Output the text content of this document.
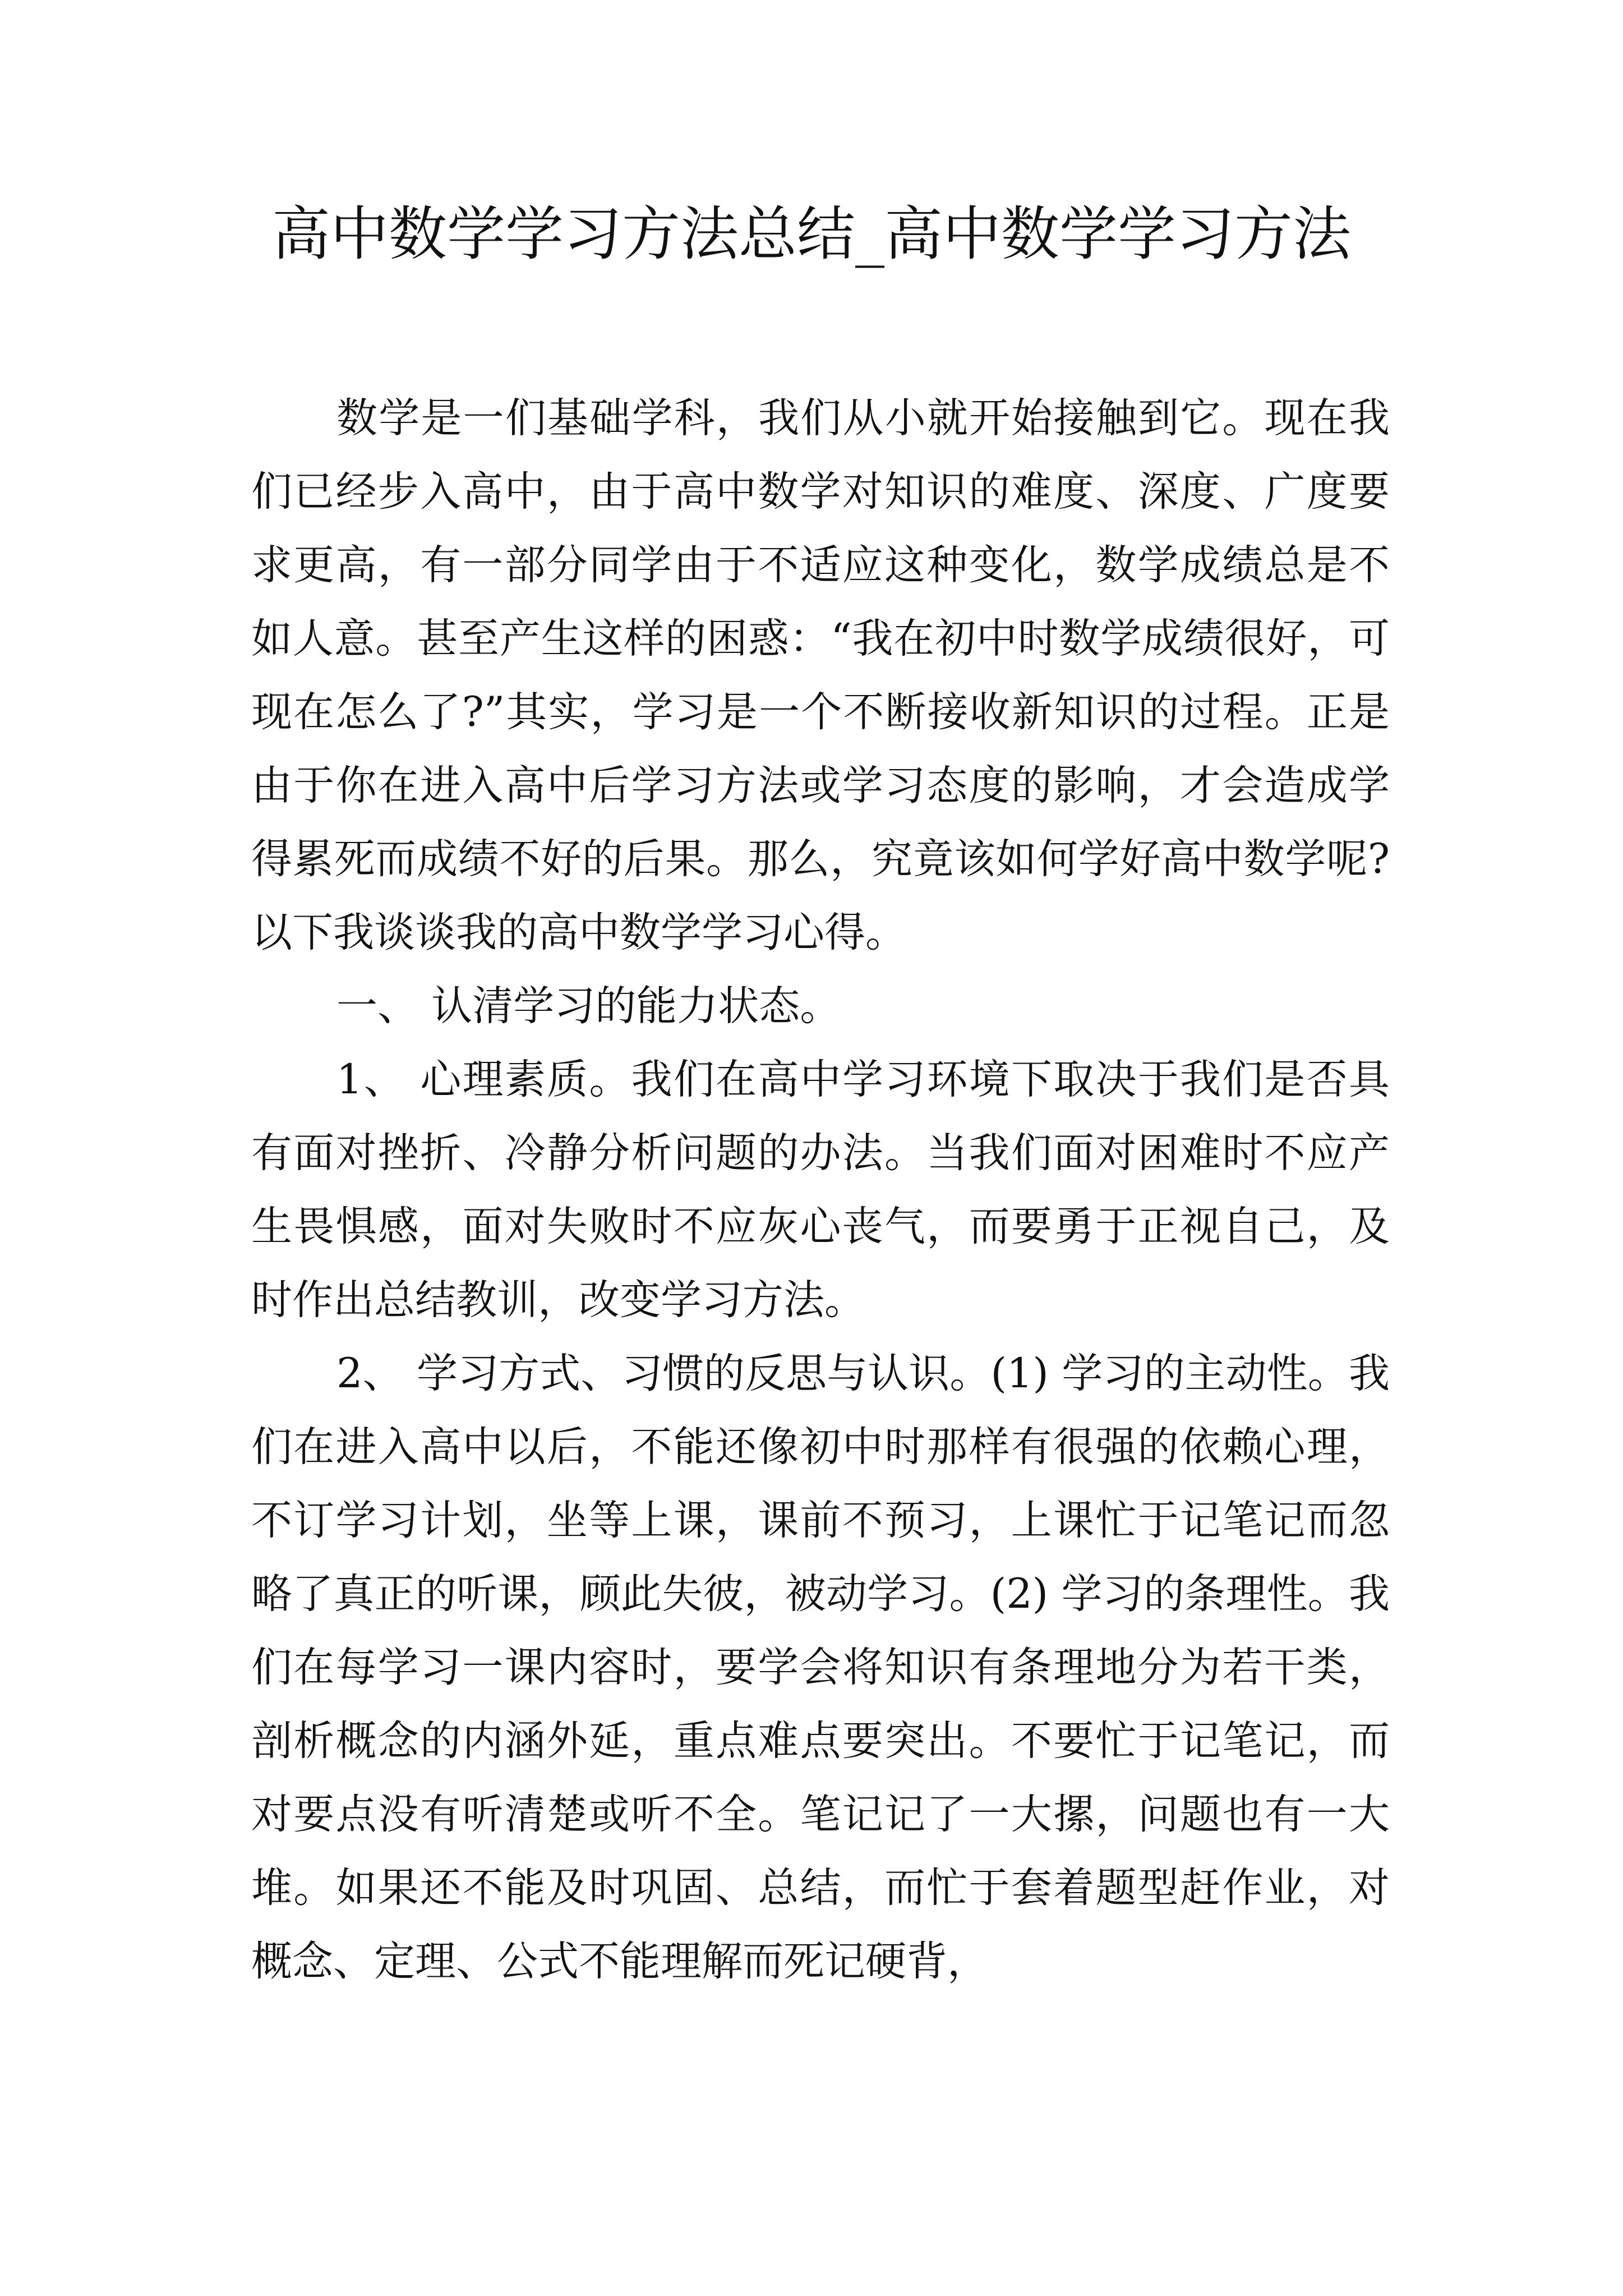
高中数学学习方法总结_高中数学学习方法

数学是一们基础学科，我们从小就开始接触到它。现在我们已经步入高中，由于高中数学对知识的难度、深度、广度要求更高，有一部分同学由于不适应这种变化，数学成绩总是不如人意。甚至产生这样的困惑：“我在初中时数学成绩很好，可现在怎么了?”其实，学习是一个不断接收新知识的过程。正是由于你在进入高中后学习方法或学习态度的影响，才会造成学得累死而成绩不好的后果。那么，究竟该如何学好高中数学呢?以下我谈谈我的高中数学学习心得。

一、 认清学习的能力状态。

1、 心理素质。我们在高中学习环境下取决于我们是否具有面对挫折、冷静分析问题的办法。当我们面对困难时不应产生畏惧感，面对失败时不应灰心丧气，而要勇于正视自己，及时作出总结教训，改变学习方法。

2、 学习方式、习惯的反思与认识。(1) 学习的主动性。我们在进入高中以后，不能还像初中时那样有很强的依赖心理，不订学习计划，坐等上课，课前不预习，上课忙于记笔记而忽略了真正的听课，顾此失彼，被动学习。(2) 学习的条理性。我们在每学习一课内容时，要学会将知识有条理地分为若干类，剖析概念的内涵外延，重点难点要突出。不要忙于记笔记，而对要点没有听清楚或听不全。笔记记了一大摞，问题也有一大堆。如果还不能及时巩固、总结，而忙于套着题型赶作业，对概念、定理、公式不能理解而死记硬背，
